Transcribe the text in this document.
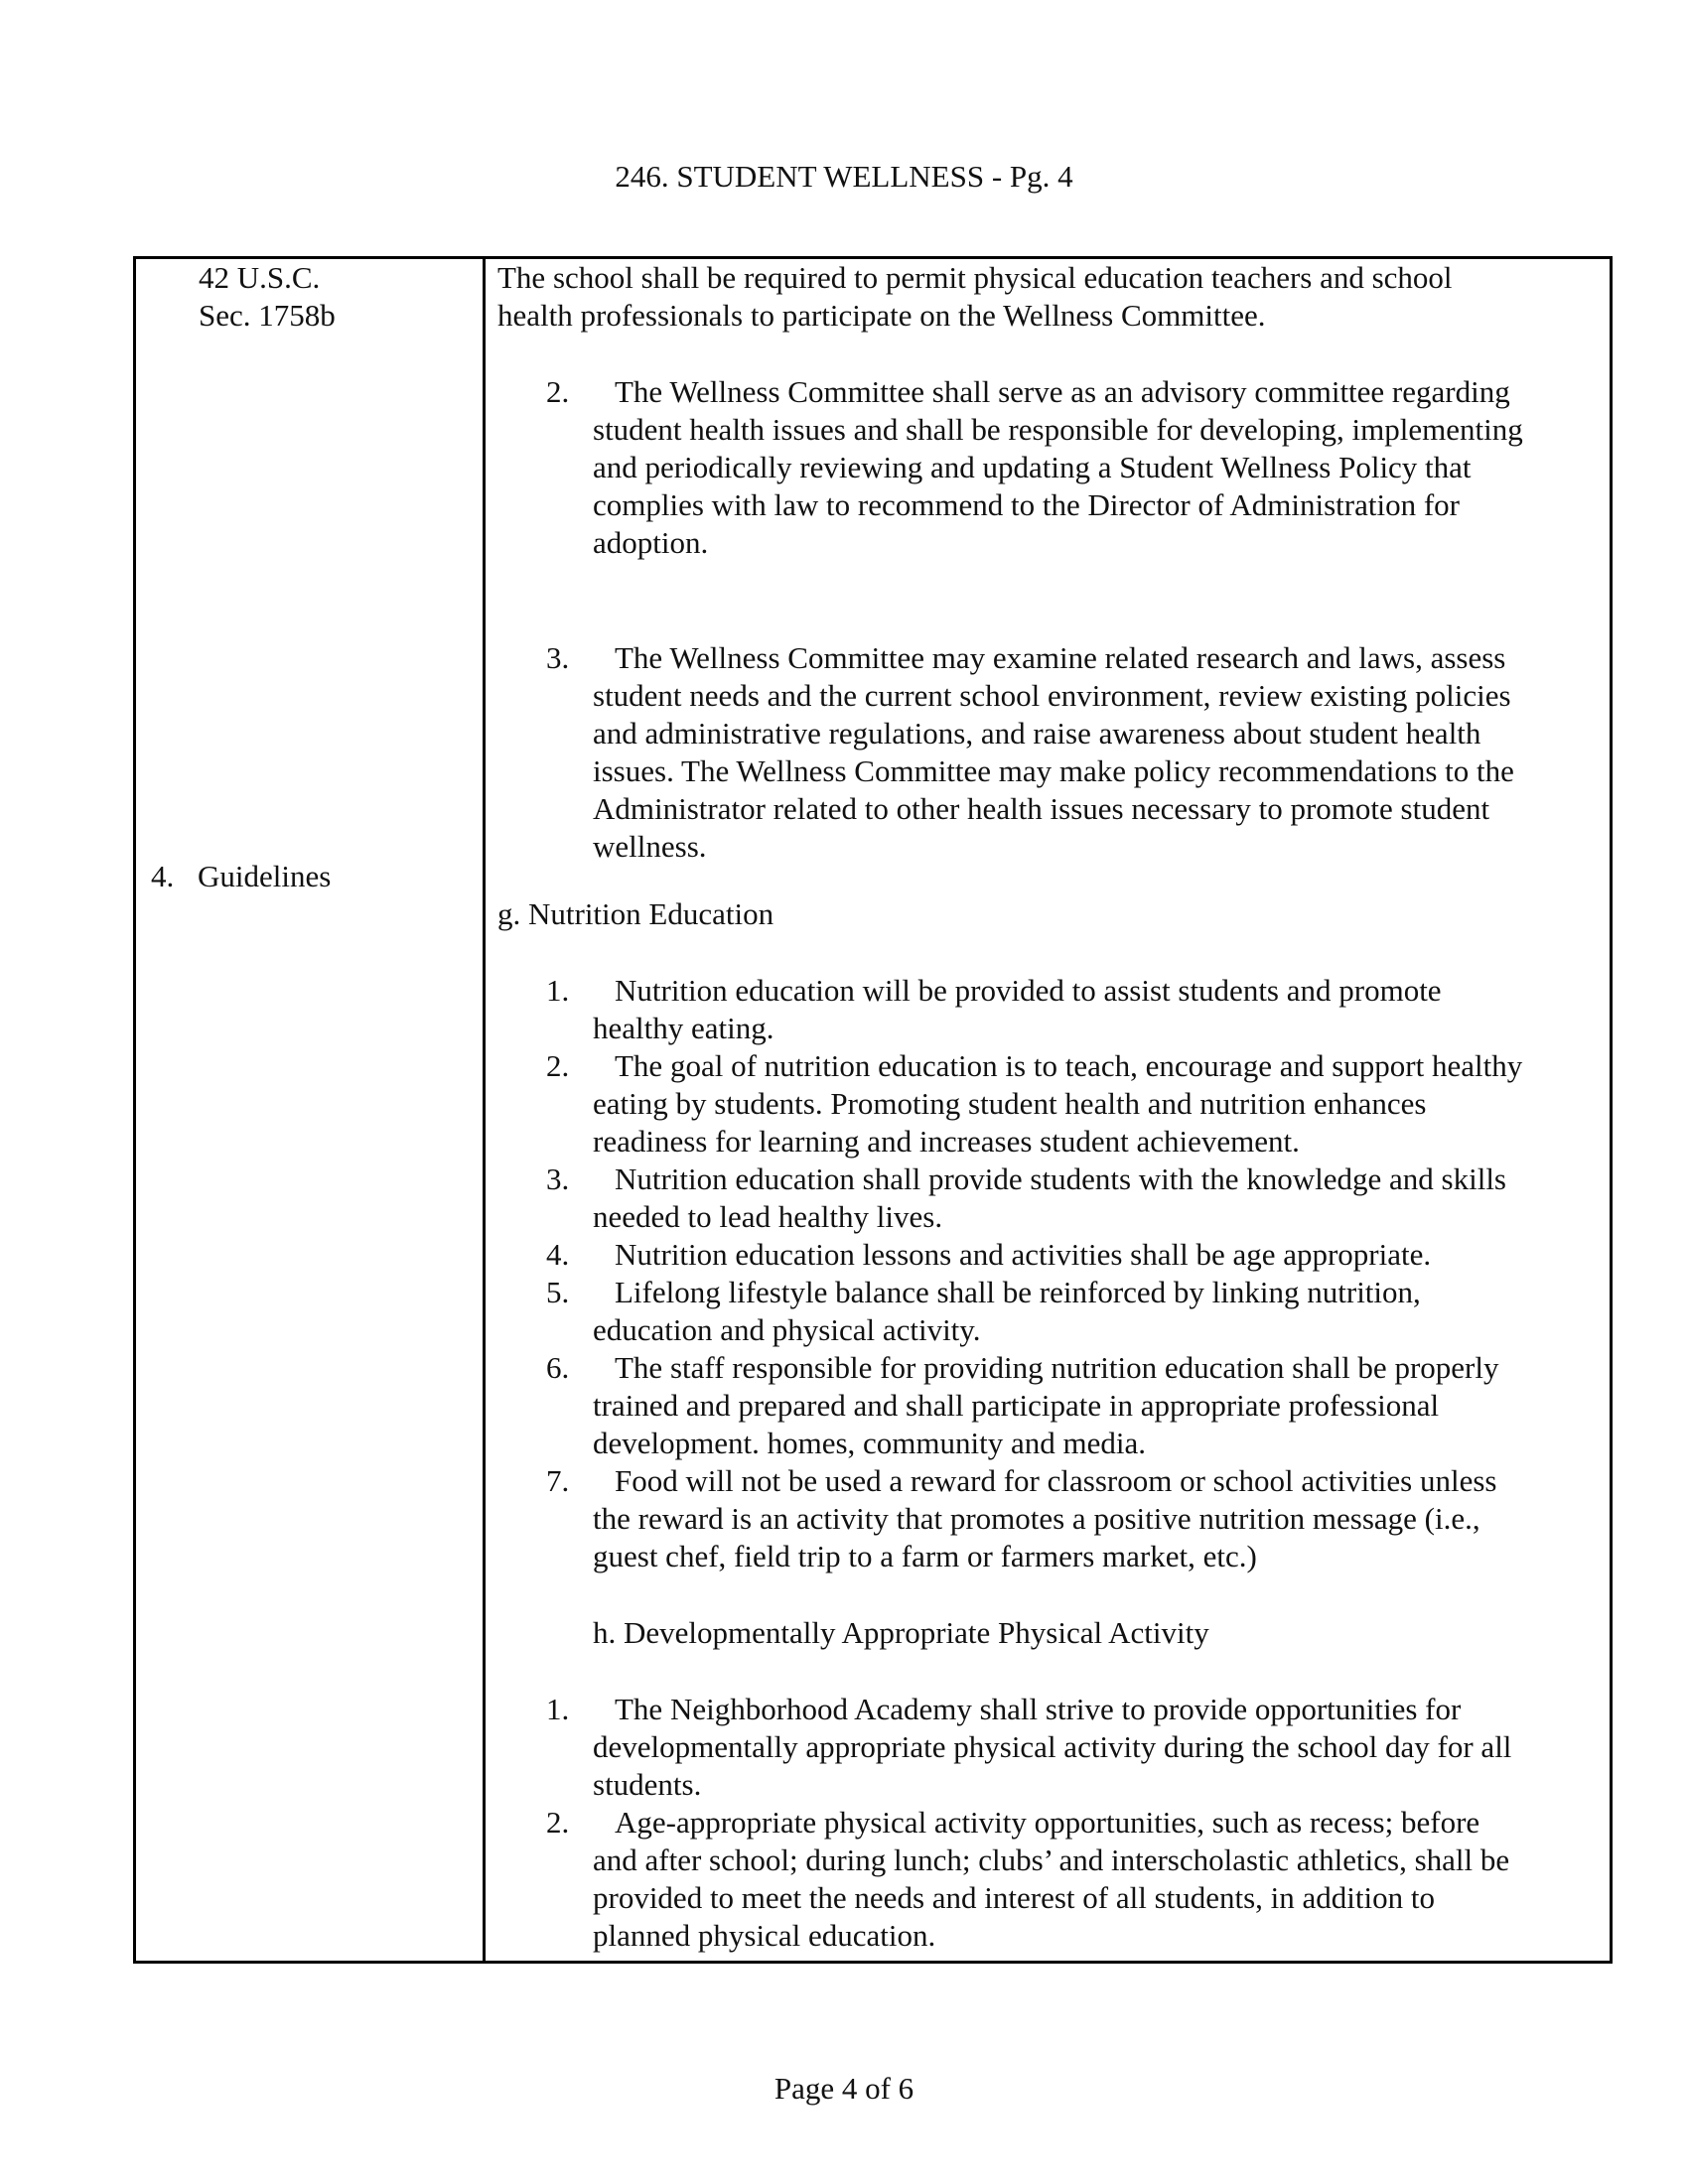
246. STUDENT WELLNESS - Pg. 4
42 U.S.C.
Sec. 1758b
4. Guidelines
The school shall be required to permit physical education teachers and school
health professionals to participate on the Wellness Committee.
2. The Wellness Committee shall serve as an advisory committee regarding
student health issues and shall be responsible for developing, implementing
and periodically reviewing and updating a Student Wellness Policy that
complies with law to recommend to the Director of Administration for
adoption.
3. The Wellness Committee may examine related research and laws, assess
student needs and the current school environment, review existing policies
and administrative regulations, and raise awareness about student health
issues. The Wellness Committee may make policy recommendations to the
Administrator related to other health issues necessary to promote student
wellness.
g. Nutrition Education
1. Nutrition education will be provided to assist students and promote
healthy eating.
2. The goal of nutrition education is to teach, encourage and support healthy
eating by students. Promoting student health and nutrition enhances
readiness for learning and increases student achievement.
3. Nutrition education shall provide students with the knowledge and skills
needed to lead healthy lives.
4. Nutrition education lessons and activities shall be age appropriate.
5. Lifelong lifestyle balance shall be reinforced by linking nutrition,
education and physical activity.
6. The staff responsible for providing nutrition education shall be properly
trained and prepared and shall participate in appropriate professional
development. homes, community and media.
7. Food will not be used a reward for classroom or school activities unless
the reward is an activity that promotes a positive nutrition message (i.e.,
guest chef, field trip to a farm or farmers market, etc.)
h. Developmentally Appropriate Physical Activity
1. The Neighborhood Academy shall strive to provide opportunities for
developmentally appropriate physical activity during the school day for all
students.
2. Age-appropriate physical activity opportunities, such as recess; before
and after school; during lunch; clubs’ and interscholastic athletics, shall be
provided to meet the needs and interest of all students, in addition to
planned physical education.
Page 4 of 6
